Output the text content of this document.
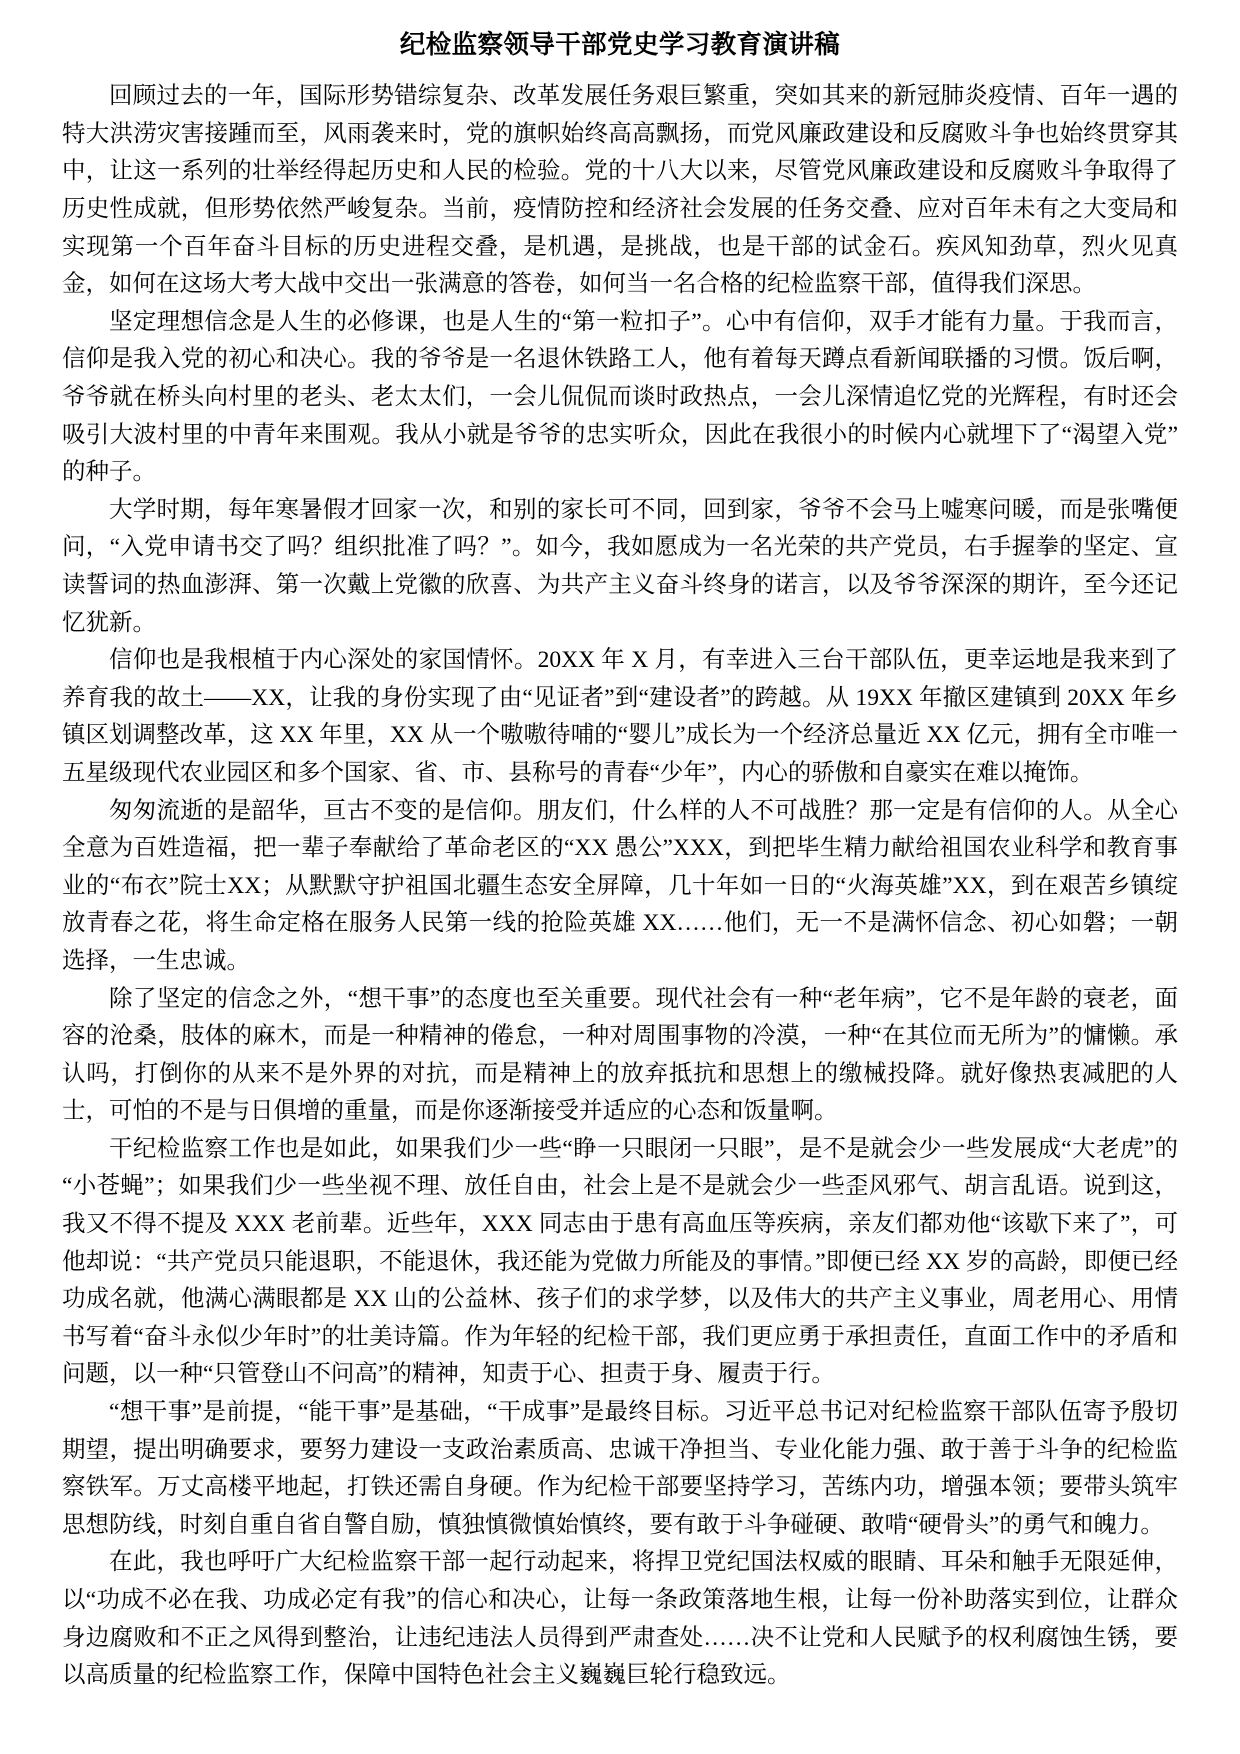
纪检监察领导干部党史学习教育演讲稿

回顾过去的一年，国际形势错综复杂、改革发展任务艰巨繁重，突如其来的新冠肺炎疫情、百年一遇的特大洪涝灾害接踵而至，风雨袭来时，党的旗帜始终高高飘扬，而党风廉政建设和反腐败斗争也始终贯穿其中，让这一系列的壮举经得起历史和人民的检验。党的十八大以来，尽管党风廉政建设和反腐败斗争取得了历史性成就，但形势依然严峻复杂。当前，疫情防控和经济社会发展的任务交叠、应对百年未有之大变局和实现第一个百年奋斗目标的历史进程交叠，是机遇，是挑战，也是干部的试金石。疾风知劲草，烈火见真金，如何在这场大考大战中交出一张满意的答卷，如何当一名合格的纪检监察干部，值得我们深思。

坚定理想信念是人生的必修课，也是人生的“第一粒扣子”。心中有信仰，双手才能有力量。于我而言，信仰是我入党的初心和决心。我的爷爷是一名退休铁路工人，他有着每天蹲点看新闻联播的习惯。饭后啊，爷爷就在桥头向村里的老头、老太太们，一会儿侃侃而谈时政热点，一会儿深情追忆党的光辉程，有时还会吸引大波村里的中青年来围观。我从小就是爷爷的忠实听众，因此在我很小的时候内心就埋下了“渴望入党”的种子。

大学时期，每年寒暑假才回家一次，和别的家长可不同，回到家，爷爷不会马上嘘寒问暖，而是张嘴便问，“入党申请书交了吗？组织批准了吗？”。如今，我如愿成为一名光荣的共产党员，右手握拳的坚定、宣读誓词的热血澎湃、第一次戴上党徽的欣喜、为共产主义奋斗终身的诺言，以及爷爷深深的期许，至今还记忆犹新。

信仰也是我根植于内心深处的家国情怀。20XX 年 X 月，有幸进入三台干部队伍，更幸运地是我来到了养育我的故土——XX，让我的身份实现了由“见证者”到“建设者”的跨越。从 19XX 年撤区建镇到 20XX 年乡镇区划调整改革，这 XX 年里，XX 从一个嗷嗷待哺的“婴儿”成长为一个经济总量近 XX 亿元，拥有全市唯一五星级现代农业园区和多个国家、省、市、县称号的青春“少年”，内心的骄傲和自豪实在难以掩饰。

匆匆流逝的是韶华，亘古不变的是信仰。朋友们，什么样的人不可战胜？那一定是有信仰的人。从全心全意为百姓造福，把一辈子奉献给了革命老区的“XX 愚公”XXX，到把毕生精力献给祖国农业科学和教育事业的“布衣”院士XX；从默默守护祖国北疆生态安全屏障，几十年如一日的“火海英雄”XX，到在艰苦乡镇绽放青春之花，将生命定格在服务人民第一线的抢险英雄 XX……他们，无一不是满怀信念、初心如磐；一朝选择，一生忠诚。

除了坚定的信念之外，“想干事”的态度也至关重要。现代社会有一种“老年病”，它不是年龄的衰老，面容的沧桑，肢体的麻木，而是一种精神的倦怠，一种对周围事物的冷漠，一种“在其位而无所为”的慵懒。承认吗，打倒你的从来不是外界的对抗，而是精神上的放弃抵抗和思想上的缴械投降。就好像热衷减肥的人士，可怕的不是与日俱增的重量，而是你逐渐接受并适应的心态和饭量啊。

干纪检监察工作也是如此，如果我们少一些“睁一只眼闭一只眼”，是不是就会少一些发展成“大老虎”的“小苍蝇”；如果我们少一些坐视不理、放任自由，社会上是不是就会少一些歪风邪气、胡言乱语。说到这，我又不得不提及 XXX 老前辈。近些年，XXX 同志由于患有高血压等疾病，亲友们都劝他“该歇下来了”，可他却说：“共产党员只能退职，不能退休，我还能为党做力所能及的事情。”即便已经 XX 岁的高龄，即便已经功成名就，他满心满眼都是 XX 山的公益林、孩子们的求学梦，以及伟大的共产主义事业，周老用心、用情书写着“奋斗永似少年时”的壮美诗篇。作为年轻的纪检干部，我们更应勇于承担责任，直面工作中的矛盾和问题，以一种“只管登山不问高”的精神，知责于心、担责于身、履责于行。

“想干事”是前提，“能干事”是基础，“干成事”是最终目标。习近平总书记对纪检监察干部队伍寄予殷切期望，提出明确要求，要努力建设一支政治素质高、忠诚干净担当、专业化能力强、敢于善于斗争的纪检监察铁军。万丈高楼平地起，打铁还需自身硬。作为纪检干部要坚持学习，苦练内功，增强本领；要带头筑牢思想防线，时刻自重自省自警自励，慎独慎微慎始慎终，要有敢于斗争碰硬、敢啃“硬骨头”的勇气和魄力。

在此，我也呼吁广大纪检监察干部一起行动起来，将捍卫党纪国法权威的眼睛、耳朵和触手无限延伸，以“功成不必在我、功成必定有我”的信心和决心，让每一条政策落地生根，让每一份补助落实到位，让群众身边腐败和不正之风得到整治，让违纪违法人员得到严肃查处……决不让党和人民赋予的权利腐蚀生锈，要以高质量的纪检监察工作，保障中国特色社会主义巍巍巨轮行稳致远。
